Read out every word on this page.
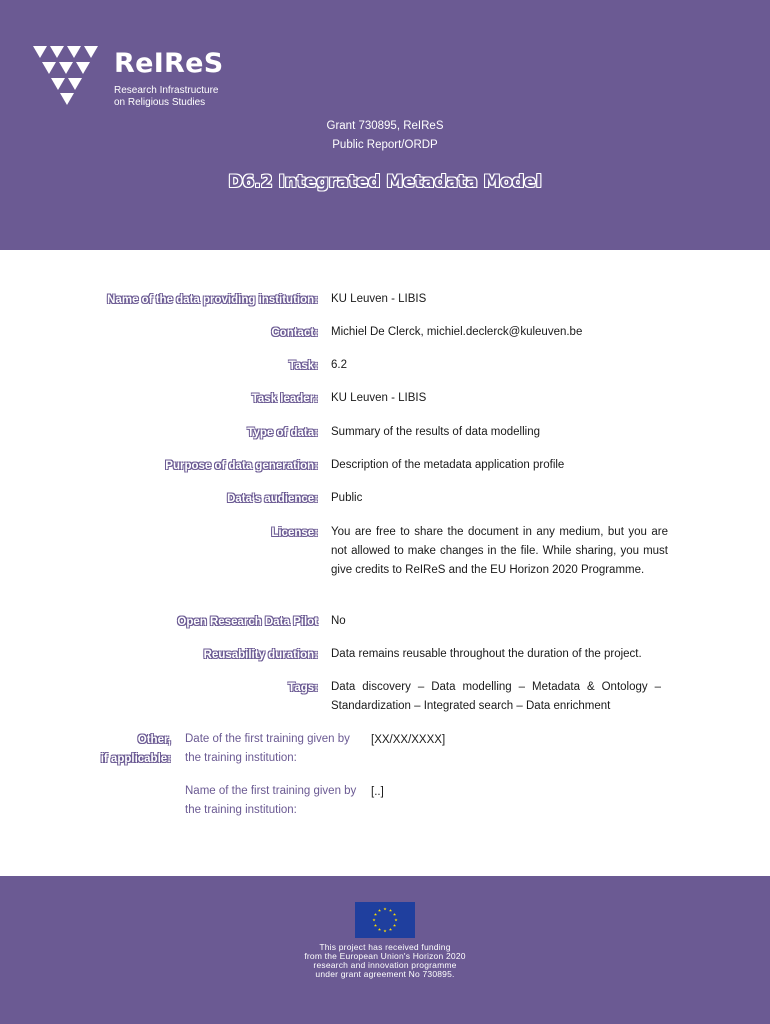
ReIReS
Research Infrastructure
on Religious Studies
Grant 730895, ReIReS
Public Report/ORDP
D6.2 Integrated Metadata Model
Name of the data providing institution: KU Leuven - LIBIS
Contact: Michiel De Clerck, michiel.declerck@kuleuven.be
Task: 6.2
Task leader: KU Leuven - LIBIS
Type of data: Summary of the results of data modelling
Purpose of data generation: Description of the metadata application profile
Data's audience: Public
License: You are free to share the document in any medium, but you are not allowed to make changes in the file. While sharing, you must give credits to ReIReS and the EU Horizon 2020 Programme.
Open Research Data Pilot No
Reusability duration: Data remains reusable throughout the duration of the project.
Tags: Data discovery – Data modelling – Metadata & Ontology – Standardization – Integrated search – Data enrichment
Other,
if applicable:
Date of the first training given by the training institution:
[XX/XX/XXXX]
Name of the first training given by the training institution:
[..]
This project has received funding
from the European Union's Horizon 2020
research and innovation programme
under grant agreement No 730895.
